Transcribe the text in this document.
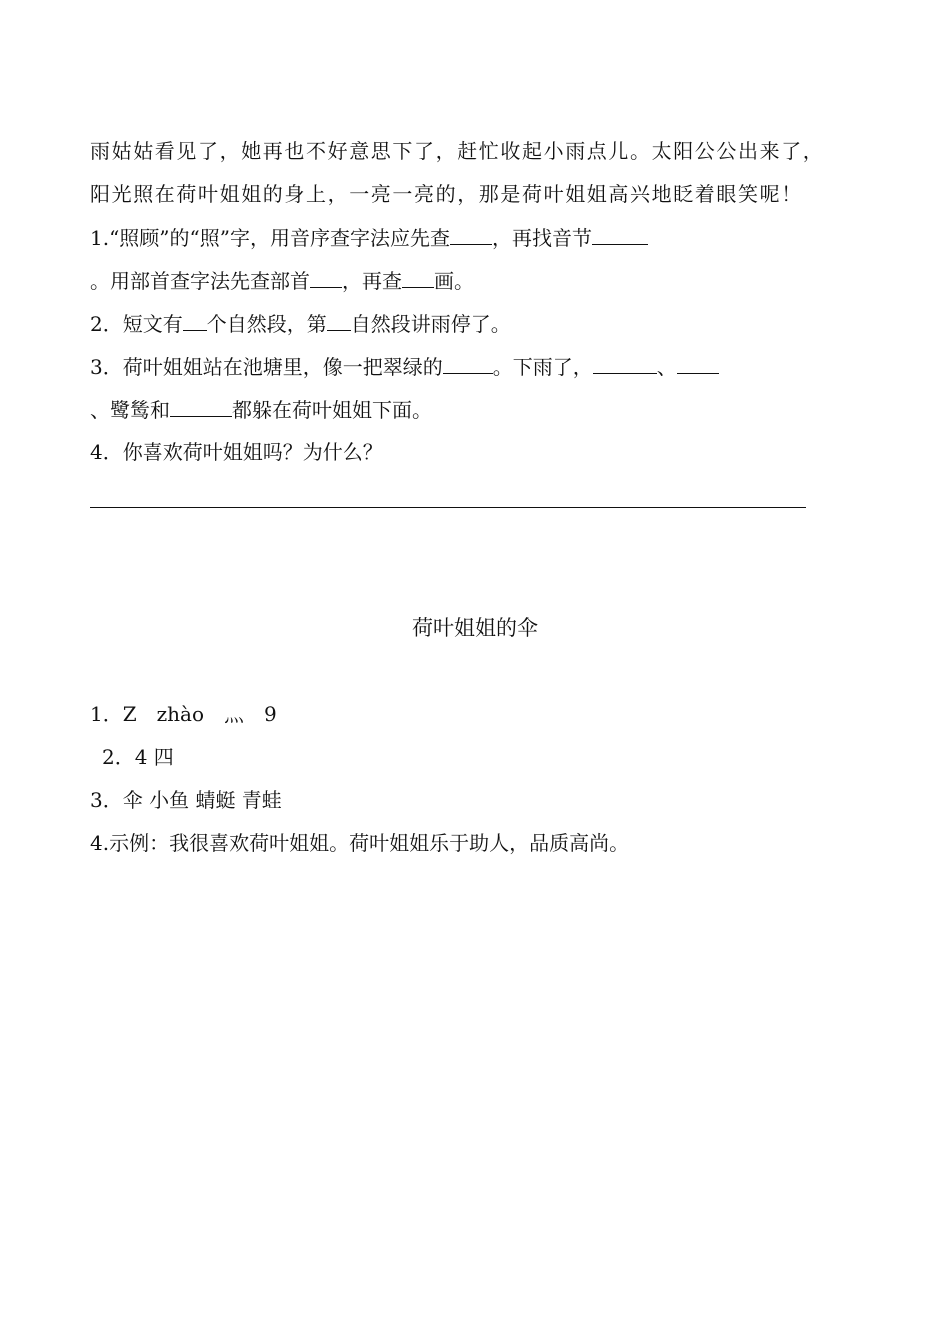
雨姑姑看见了，她再也不好意思下了，赶忙收起小雨点儿。太阳公公出来了，
阳光照在荷叶姐姐的身上，一亮一亮的，那是荷叶姐姐高兴地眨着眼笑呢！
1.“照顾”的“照”字，用音序查字法应先查 ，再找音节
。用部首查字法先查部首 ，再查 画。
2．短文有 个自然段，第 自然段讲雨停了。
3．荷叶姐姐站在池塘里，像一把翠绿的	。下雨了，	、
、鹭鸶和	都躲在荷叶姐姐下面。
4．你喜欢荷叶姐姐吗？为什么？
荷叶姐姐的伞
1．Z　zhào　灬　9
2．4 四
3．伞 小鱼 蜻蜓 青蛙
4.示例：我很喜欢荷叶姐姐。荷叶姐姐乐于助人，品质高尚。
